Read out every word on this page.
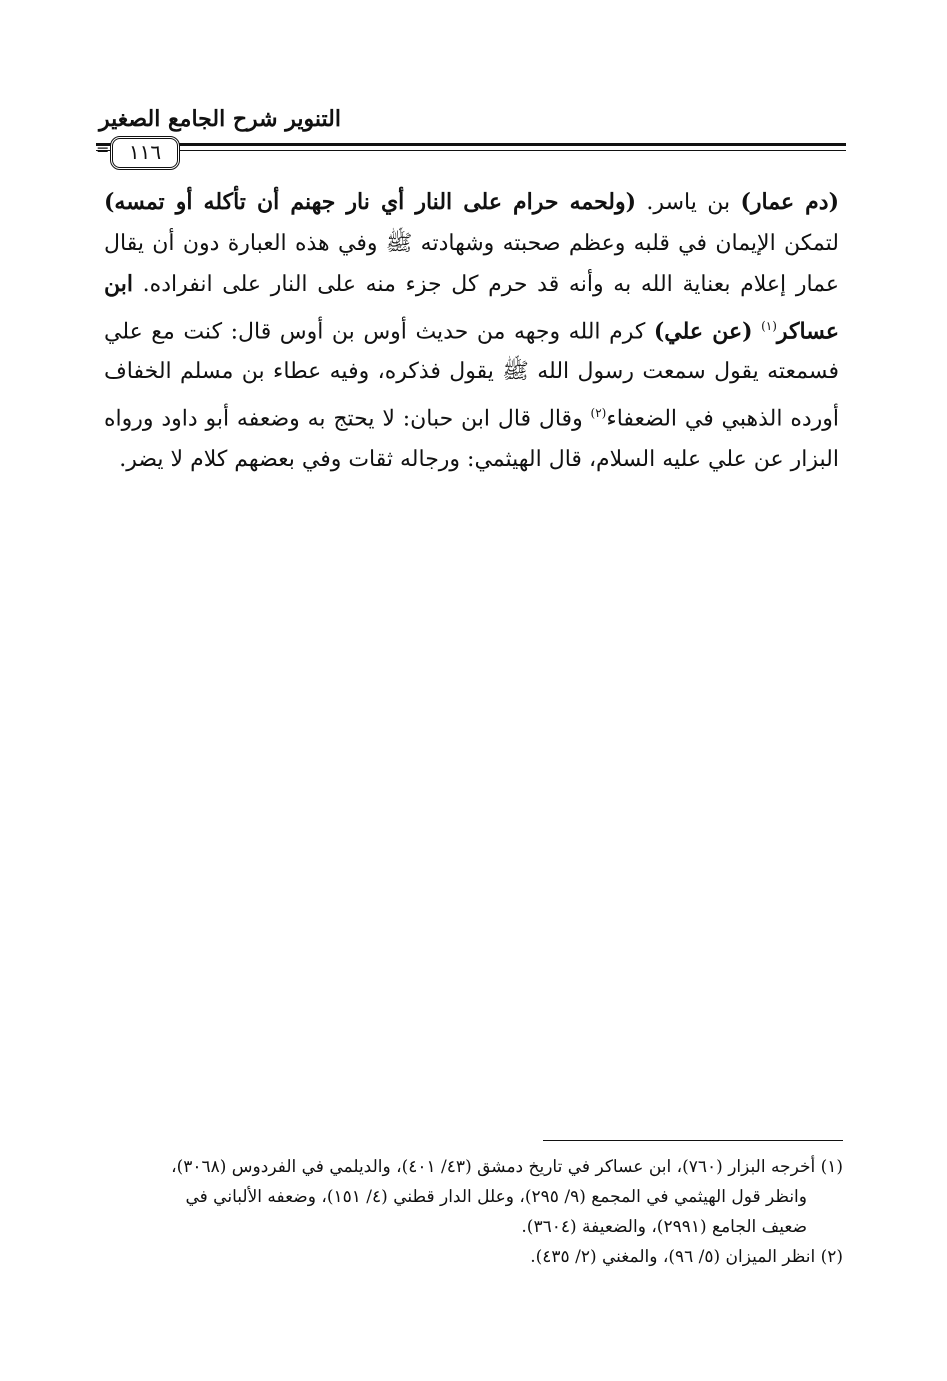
التنوير شرح الجامع الصغير
١١٦
=
(دم عمار) بن ياسر. (ولحمه حرام على النار أي نار جهنم أن تأكله أو تمسه) لتمكن الإيمان في قلبه وعظم صحبته وشهادته ﷺ وفي هذه العبارة دون أن يقال عمار إعلام بعناية الله به وأنه قد حرم كل جزء منه على النار على انفراده. ابن عساكر$^{(١)}$ (عن علي) كرم الله وجهه من حديث أوس بن أوس قال: كنت مع علي فسمعته يقول سمعت رسول الله ﷺ يقول فذكره، وفيه عطاء بن مسلم الخفاف أورده الذهبي في الضعفاء$^{(٢)}$ وقال قال ابن حبان: لا يحتج به وضعفه أبو داود ورواه البزار عن علي عليه السلام، قال الهيثمي: ورجاله ثقات وفي بعضهم كلام لا يضر.
(١) أخرجه البزار (٧٦٠)، ابن عساكر في تاريخ دمشق (٤٣/ ٤٠١)، والديلمي في الفردوس (٣٠٦٨)،
وانظر قول الهيثمي في المجمع (٩/ ٢٩٥)، وعلل الدار قطني (٤/ ١٥١)، وضعفه الألباني في
ضعيف الجامع (٢٩٩١)، والضعيفة (٣٦٠٤).
(٢) انظر الميزان (٥/ ٩٦)، والمغني (٢/ ٤٣٥).
